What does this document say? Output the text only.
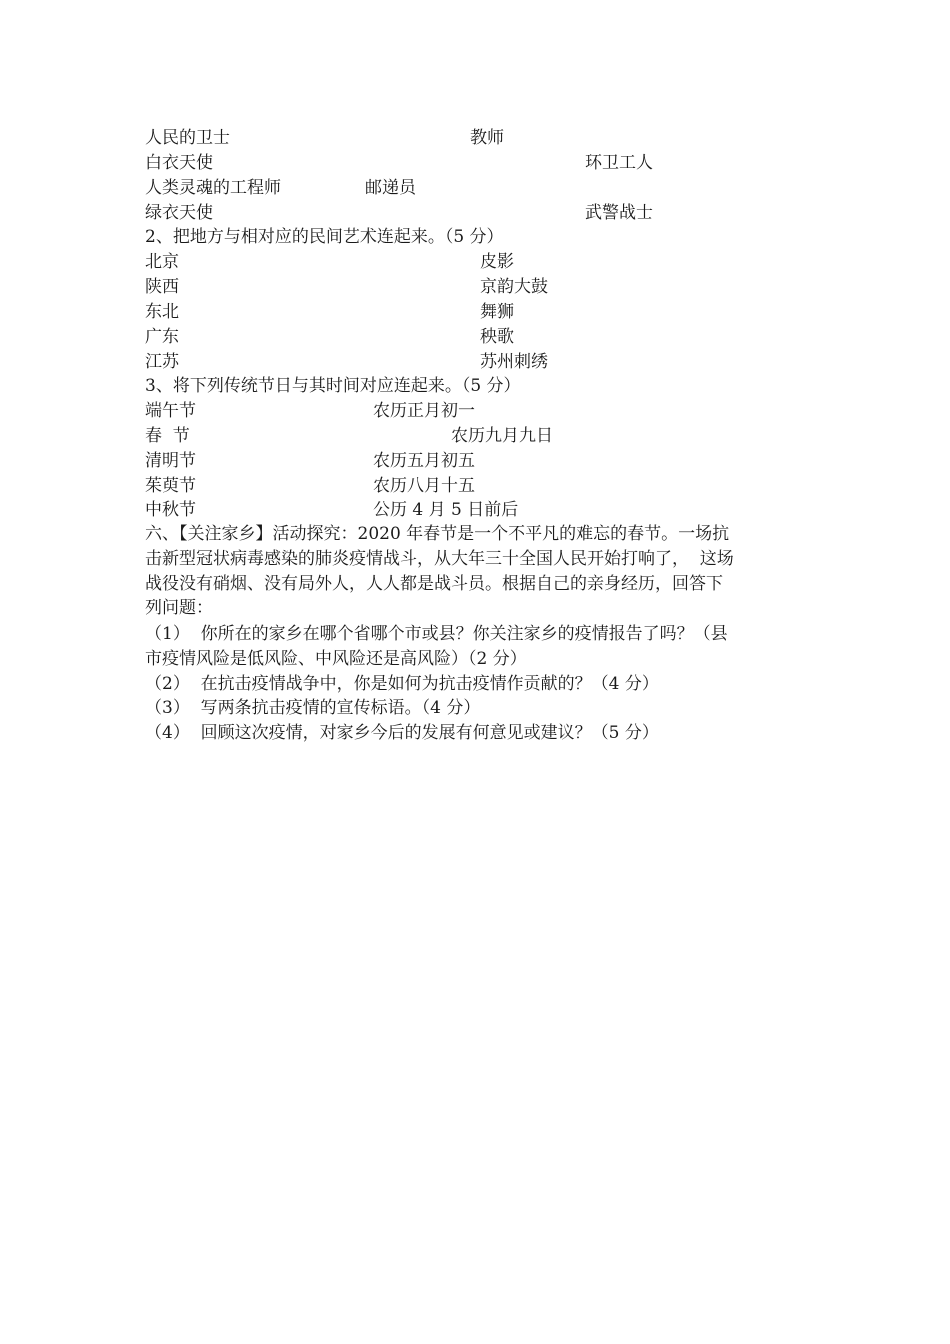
人民的卫士	教师
白衣天使	环卫工人
人类灵魂的工程师	邮递员
绿衣天使	武警战士
2、把地方与相对应的民间艺术连起来。（5 分）
北京	皮影
陕西	京韵大鼓
东北	舞狮
广东	秧歌
江苏	苏州刺绣
3、将下列传统节日与其时间对应连起来。（5 分）
端午节	农历正月初一
春  节	农历九月九日
清明节	农历五月初五
茱萸节	农历八月十五
中秋节	公历 4 月 5 日前后
六、【关注家乡】活动探究：2020 年春节是一个不平凡的难忘的春节。一场抗
击新型冠状病毒感染的肺炎疫情战斗，从大年三十全国人民开始打响了，  这场
战役没有硝烟、没有局外人，人人都是战斗员。根据自己的亲身经历，回答下
列问题：
（1）  你所在的家乡在哪个省哪个市或县？你关注家乡的疫情报告了吗？（县
市疫情风险是低风险、中风险还是高风险）（2 分）
（2）  在抗击疫情战争中，你是如何为抗击疫情作贡献的？（4 分）
（3）  写两条抗击疫情的宣传标语。（4 分）
（4）  回顾这次疫情，对家乡今后的发展有何意见或建议？（5 分）
